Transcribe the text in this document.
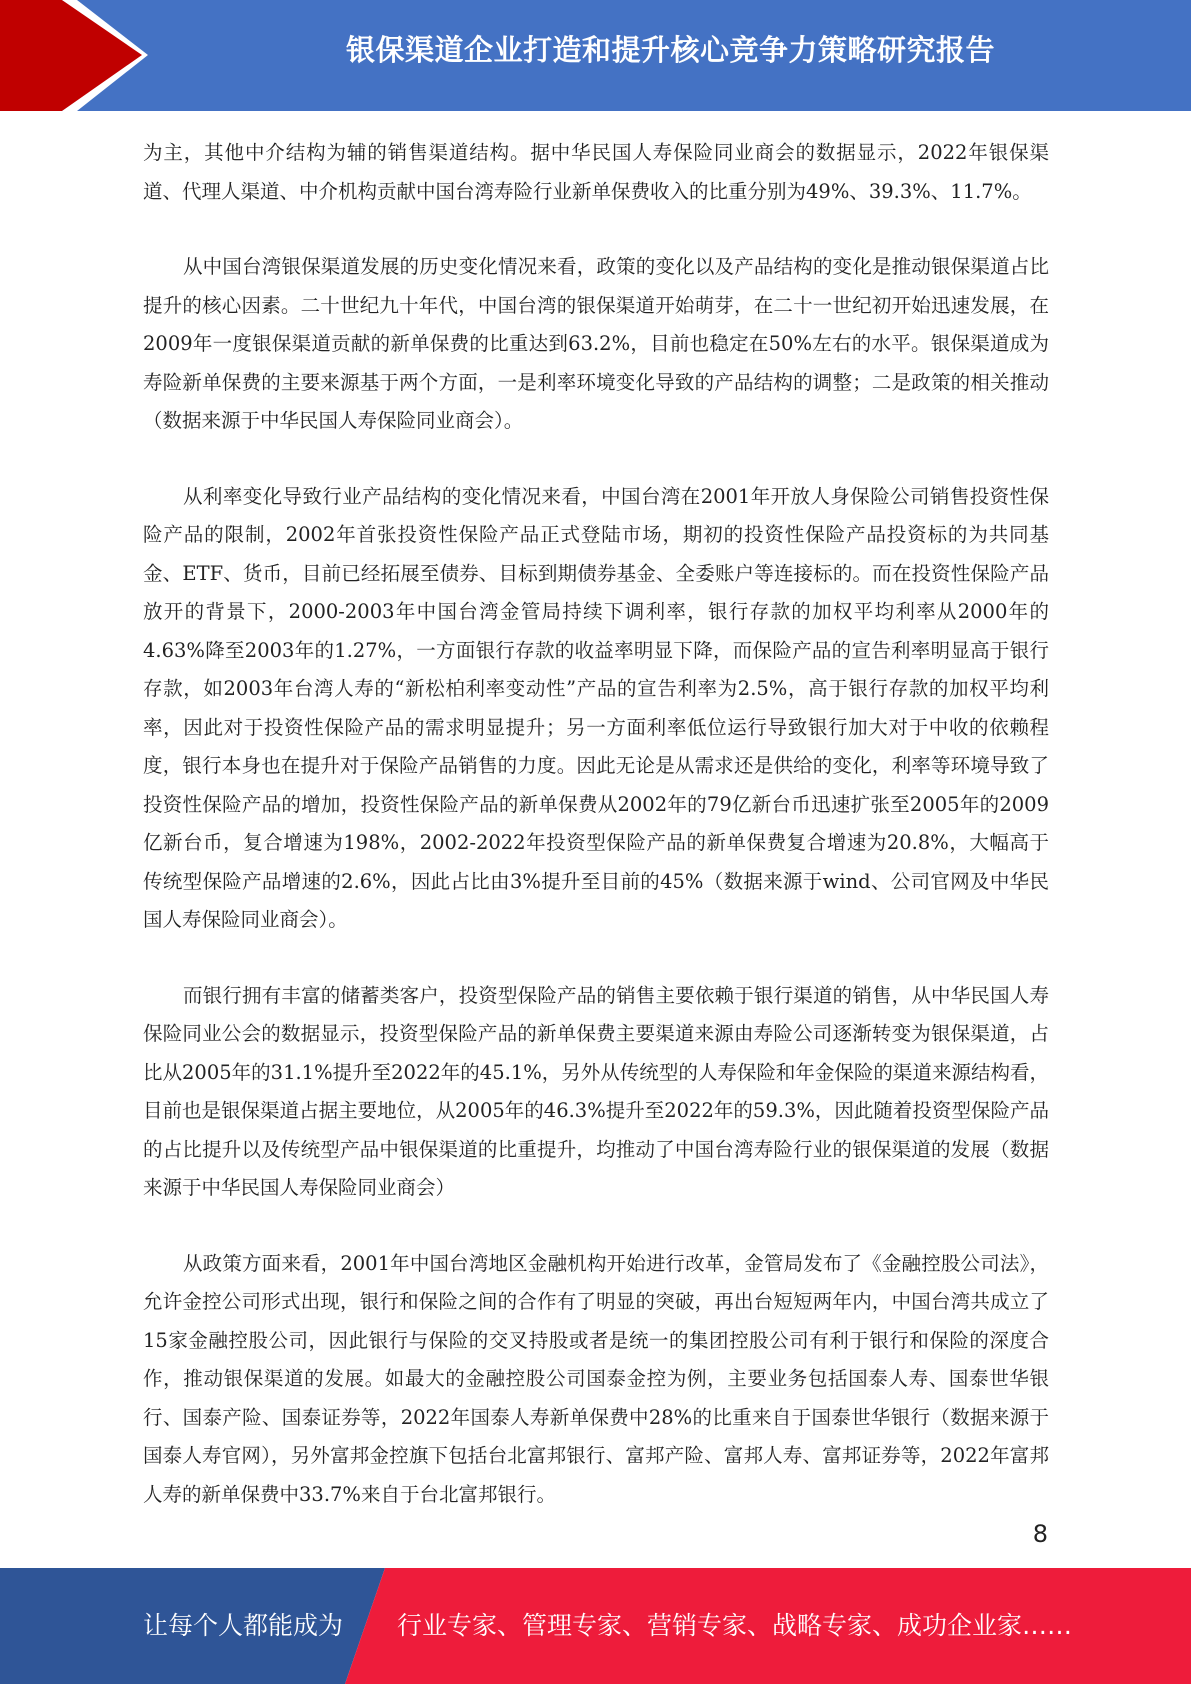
银保渠道企业打造和提升核心竞争力策略研究报告

为主，其他中介结构为辅的销售渠道结构。据中华民国人寿保险同业商会的数据显示，2022年银保渠道、代理人渠道、中介机构贡献中国台湾寿险行业新单保费收入的比重分别为49%、39.3%、11.7%。

从中国台湾银保渠道发展的历史变化情况来看，政策的变化以及产品结构的变化是推动银保渠道占比提升的核心因素。二十世纪九十年代，中国台湾的银保渠道开始萌芽，在二十一世纪初开始迅速发展，在2009年一度银保渠道贡献的新单保费的比重达到63.2%，目前也稳定在50%左右的水平。银保渠道成为寿险新单保费的主要来源基于两个方面，一是利率环境变化导致的产品结构的调整；二是政策的相关推动（数据来源于中华民国人寿保险同业商会）。

从利率变化导致行业产品结构的变化情况来看，中国台湾在2001年开放人身保险公司销售投资性保险产品的限制，2002年首张投资性保险产品正式登陆市场，期初的投资性保险产品投资标的为共同基金、ETF、货币，目前已经拓展至债券、目标到期债券基金、全委账户等连接标的。而在投资性保险产品放开的背景下，2000-2003年中国台湾金管局持续下调利率，银行存款的加权平均利率从2000年的4.63%降至2003年的1.27%，一方面银行存款的收益率明显下降，而保险产品的宣告利率明显高于银行存款，如2003年台湾人寿的“新松柏利率变动性”产品的宣告利率为2.5%，高于银行存款的加权平均利率，因此对于投资性保险产品的需求明显提升；另一方面利率低位运行导致银行加大对于中收的依赖程度，银行本身也在提升对于保险产品销售的力度。因此无论是从需求还是供给的变化，利率等环境导致了投资性保险产品的增加，投资性保险产品的新单保费从2002年的79亿新台币迅速扩张至2005年的2009亿新台币，复合增速为198%，2002-2022年投资型保险产品的新单保费复合增速为20.8%，大幅高于传统型保险产品增速的2.6%，因此占比由3%提升至目前的45%（数据来源于wind、公司官网及中华民国人寿保险同业商会）。

而银行拥有丰富的储蓄类客户，投资型保险产品的销售主要依赖于银行渠道的销售，从中华民国人寿保险同业公会的数据显示，投资型保险产品的新单保费主要渠道来源由寿险公司逐渐转变为银保渠道，占比从2005年的31.1%提升至2022年的45.1%，另外从传统型的人寿保险和年金保险的渠道来源结构看，目前也是银保渠道占据主要地位，从2005年的46.3%提升至2022年的59.3%，因此随着投资型保险产品的占比提升以及传统型产品中银保渠道的比重提升，均推动了中国台湾寿险行业的银保渠道的发展（数据来源于中华民国人寿保险同业商会）

从政策方面来看，2001年中国台湾地区金融机构开始进行改革，金管局发布了《金融控股公司法》，允许金控公司形式出现，银行和保险之间的合作有了明显的突破，再出台短短两年内，中国台湾共成立了15家金融控股公司，因此银行与保险的交叉持股或者是统一的集团控股公司有利于银行和保险的深度合作，推动银保渠道的发展。如最大的金融控股公司国泰金控为例，主要业务包括国泰人寿、国泰世华银行、国泰产险、国泰证券等，2022年国泰人寿新单保费中28%的比重来自于国泰世华银行（数据来源于国泰人寿官网），另外富邦金控旗下包括台北富邦银行、富邦产险、富邦人寿、富邦证券等，2022年富邦人寿的新单保费中33.7%来自于台北富邦银行。

8
让每个人都能成为 行业专家、管理专家、营销专家、战略专家、成功企业家……
